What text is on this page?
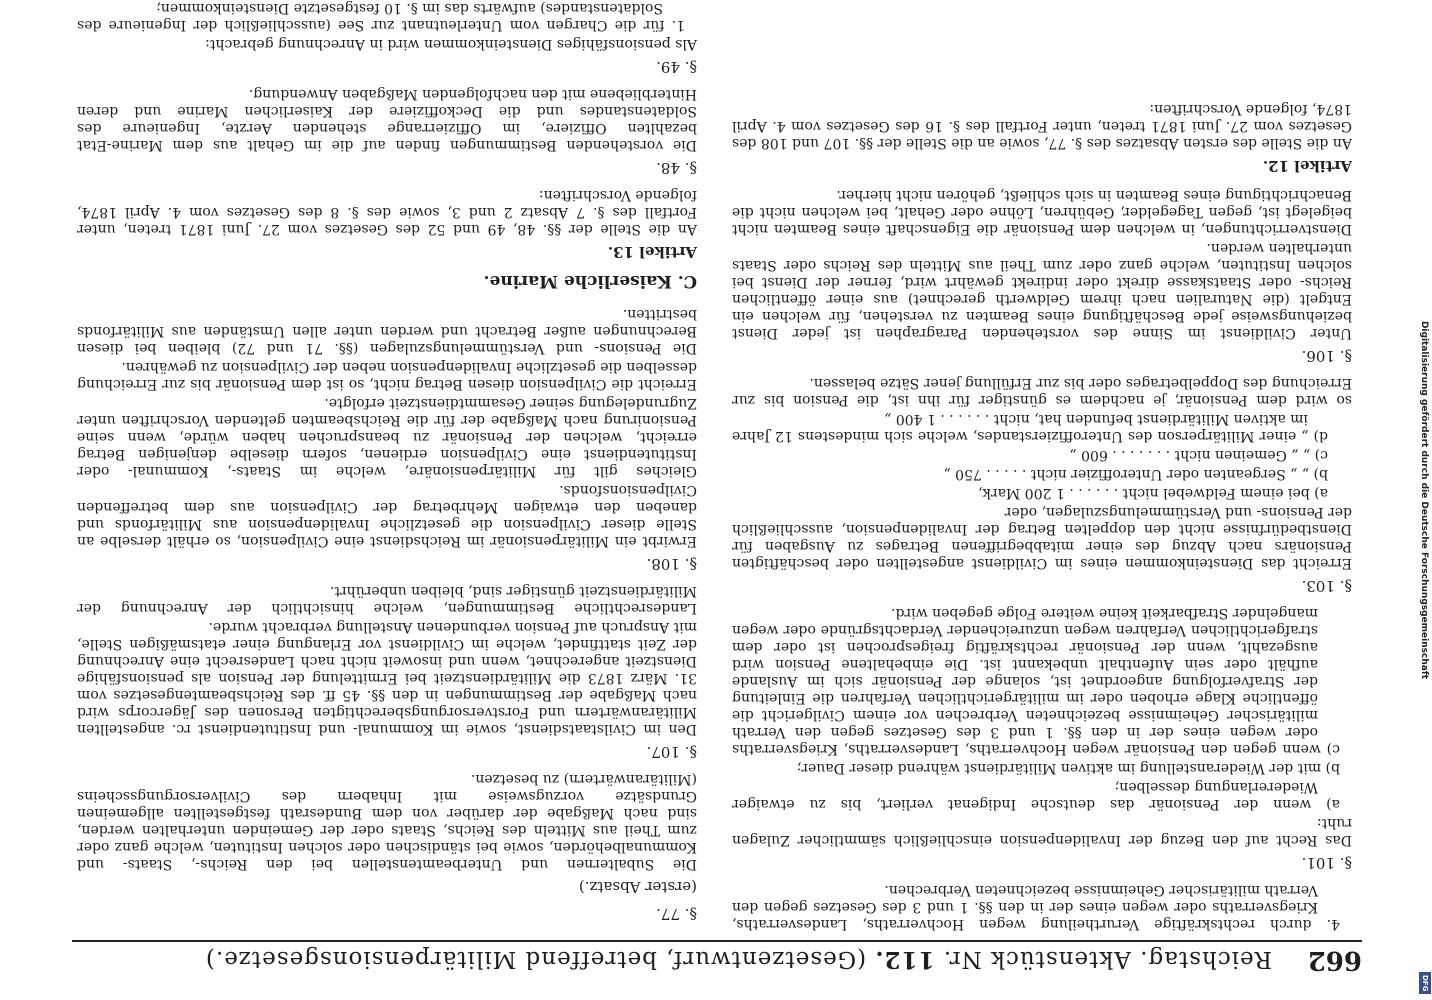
662
Reichstag. Aktenstück Nr. 112. (Gesetzentwurf, betreffend Militärpensionsgesetze.)

4. durch rechtskräftige Verurtheilung wegen Hochverraths, Landesverraths, Kriegsverraths oder wegen eines der in den §§. 1 und 3 des Gesetzes gegen den Verrath militärischer Geheimnisse bezeichneten Verbrechen.

§. 101.

Das Recht auf den Bezug der Invalidenpension einschließlich sämmtlicher Zulagen ruht:

a) wenn der Pensionär das deutsche Indigenat verliert, bis zu etwaiger Wiedererlangung desselben;

b) mit der Wiederanstellung im aktiven Militärdienst während dieser Dauer;

c) wenn gegen den Pensionär wegen Hochverraths, Landesverraths, Kriegsverraths oder wegen eines der in den §§. 1 und 3 des Gesetzes gegen den Verrath militärischer Geheimnisse bezeichneten Verbrechen vor einem Civilgericht die öffentliche Klage erhoben oder im militärgerichtlichen Verfahren die Einleitung der Strafverfolgung angeordnet ist, solange der Pensionär sich im Auslande aufhält oder sein Aufenthalt unbekannt ist. Die einbehaltene Pension wird ausgezahlt, wenn der Pensionär rechtskräftig freigesprochen ist oder dem strafgerichtlichen Verfahren wegen unzureichender Verdachtsgründe oder wegen mangelnder Strafbarkeit keine weitere Folge gegeben wird.

§. 103.

Erreicht das Diensteinkommen eines im Civildienst angestellten oder beschäftigten Pensionärs nach Abzug des einer mitabbegriffenen Betrages zu Ausgaben für Dienstbedürfnisse nicht den doppelten Betrag der Invalidenpension, ausschließlich der Pensions- und Verstümmelungszulagen, oder

a) bei einem Feldwebel nicht . . . . . . 1 200 Mark,

b) „ „ Sergeanten oder Unteroffizier nicht . . . . . 750 „

c) „ „ Gemeinen nicht . . . . . . . 600 „

d) „ einer Militärperson des Unteroffizierstandes, welche sich mindestens 12 Jahre im aktiven Militärdienst befunden hat, nicht . . . . . . 1 400 „

so wird dem Pensionär, je nachdem es günstiger für ihn ist, die Pension bis zur Erreichung des Doppelbetrages oder bis zur Erfüllung jener Sätze belassen.

§. 106.

Unter Civildienst im Sinne des vorstehenden Paragraphen ist jeder Dienst beziehungsweise jede Beschäftigung eines Beamten zu verstehen, für welchen ein Entgelt (die Naturalien nach ihrem Geldwerth gerechnet) aus einer öffentlichen Reichs- oder Staatskasse direkt oder indirekt gewährt wird, ferner der Dienst bei solchen Instituten, welche ganz oder zum Theil aus Mitteln des Reichs oder Staats unterhalten werden.

Dienstverrichtungen, in welchen dem Pensionär die Eigenschaft eines Beamten nicht beigelegt ist, gegen Tagegelder, Gebühren, Löhne oder Gehalt, bei welchen nicht die Benachrichtigung eines Beamten in sich schließt, gehören nicht hierher.

Artikel 12.

An die Stelle des ersten Absatzes des §. 77, sowie an die Stelle der §§. 107 und 108 des Gesetzes vom 27. Juni 1871 treten, unter Fortfall des §. 16 des Gesetzes vom 4. April 1874, folgende Vorschriften:

§. 77.

(erster Absatz.)

Die Subalternen und Unterbeamtenstellen bei den Reichs-, Staats- und Kommunalbehörden, sowie bei ständischen oder solchen Instituten, welche ganz oder zum Theil aus Mitteln des Reichs, Staats oder der Gemeinden unterhalten werden, sind nach Maßgabe der darüber von dem Bundesrath festgestellten allgemeinen Grundsätze vorzugsweise mit Inhabern des Civilversorgungsscheins (Militäranwärtern) zu besetzen.

§. 107.

Den im Civilstaatsdienst, sowie im Kommunal- und Institutendienst rc. angestellten Militäranwärtern und Forstversorgungsberechtigten Personen des Jägercorps wird nach Maßgabe der Bestimmungen in den §§. 45 ff. des Reichsbeamtengesetzes vom 31. März 1873 die Militärdienstzeit bei Ermittelung der Pension als pensionsfähige Dienstzeit angerechnet, wenn und insoweit nicht nach Landesrecht eine Anrechnung der Zeit stattfindet, welche im Civildienst vor Erlangung einer etatsmäßigen Stelle, mit Anspruch auf Pension verbundenen Anstellung verbracht wurde.

Landesrechtliche Bestimmungen, welche hinsichtlich der Anrechnung der Militärdienstzeit günstiger sind, bleiben unberührt.

§. 108.

Erwirbt ein Militärpensionär im Reichsdienst eine Civilpension, so erhält derselbe an Stelle dieser Civilpension die gesetzliche Invalidenpension aus Militärfonds und daneben den etwaigen Mehrbetrag der Civilpension aus dem betreffenden Civilpensionsfonds.

Gleiches gilt für Militärpensionäre, welche im Staats-, Kommunal- oder Institutendienst eine Civilpension erdienen, sofern dieselbe denjenigen Betrag erreicht, welchen der Pensionär zu beanspruchen haben würde, wenn seine Pensionirung nach Maßgabe der für die Reichsbeamten geltenden Vorschriften unter Zugrundelegung seiner Gesammtdienstzeit erfolgte.

Erreicht die Civilpension diesen Betrag nicht, so ist dem Pensionär bis zur Erreichung desselben die gesetzliche Invalidenpension neben der Civilpension zu gewähren.

Die Pensions- und Verstümmelungszulagen (§§. 71 und 72) bleiben bei diesen Berechnungen außer Betracht und werden unter allen Umständen aus Militärfonds bestritten.

C. Kaiserliche Marine.

Artikel 13.

An die Stelle der §§. 48, 49 und 52 des Gesetzes vom 27. Juni 1871 treten, unter Fortfall des §. 7 Absatz 2 und 3, sowie des §. 8 des Gesetzes vom 4. April 1874, folgende Vorschriften:

§. 48.

Die vorstehenden Bestimmungen finden auf die im Gehalt aus dem Marine-Etat bezahlten Offiziere, im Offizierrange stehenden Aerzte, Ingenieure des Soldatenstandes und die Deckoffiziere der Kaiserlichen Marine und deren Hinterbliebene mit den nachfolgenden Maßgaben Anwendung.

§. 49.

Als pensionsfähiges Diensteinkommen wird in Anrechnung gebracht:

1. für die Chargen vom Unterleutnant zur See (ausschließlich der Ingenieure des Soldatenstandes) aufwärts das im §. 10 festgesetzte Diensteinkommen;

Digitalisierung gefördert durch die Deutsche Forschungsgemeinschaft
DFG
